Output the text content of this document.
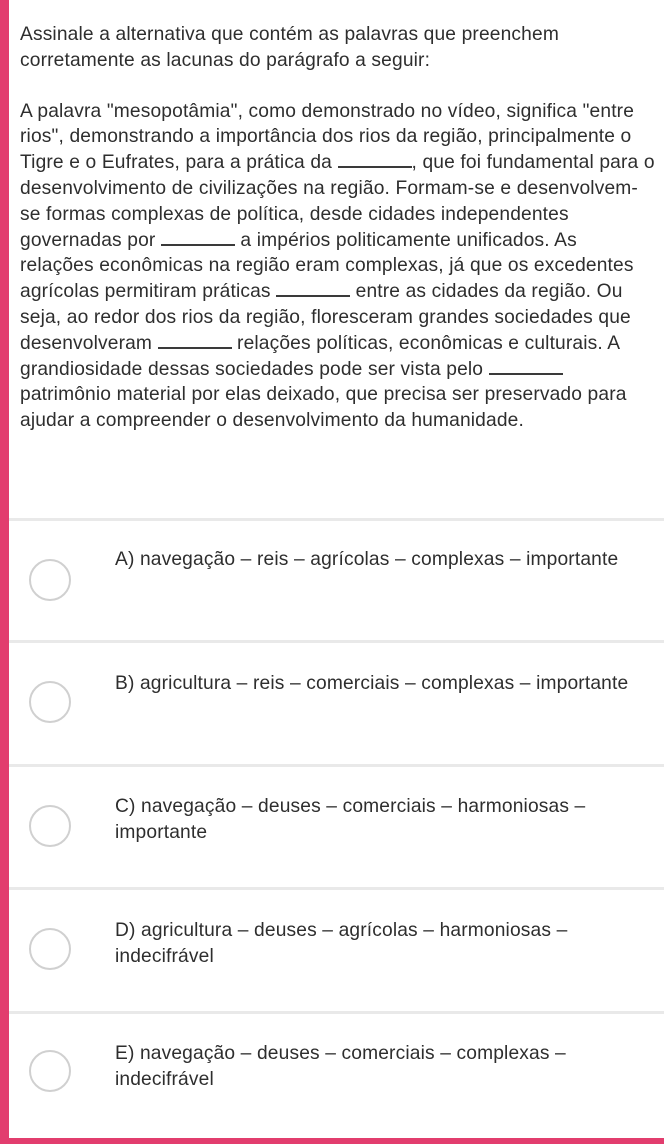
Assinale a alternativa que contém as palavras que preenchem corretamente as lacunas do parágrafo a seguir:

A palavra "mesopotâmia", como demonstrado no vídeo, significa "entre rios", demonstrando a importância dos rios da região, principalmente o Tigre e o Eufrates, para a prática da	, que foi fundamental para o desenvolvimento de civilizações na região. Formam-se e desenvolvem-se formas complexas de política, desde cidades independentes governadas por	a impérios politicamente unificados. As relações econômicas na região eram complexas, já que os excedentes agrícolas permitiram práticas	entre as cidades da região. Ou seja, ao redor dos rios da região, floresceram grandes sociedades que desenvolveram	relações políticas, econômicas e culturais. A grandiosidade dessas sociedades pode ser vista pelo  patrimônio material por elas deixado, que precisa ser preservado para ajudar a compreender o desenvolvimento da humanidade.

A) navegação – reis – agrícolas – complexas – importante
B) agricultura – reis – comerciais – complexas – importante
C) navegação – deuses – comerciais – harmoniosas – importante
D) agricultura – deuses – agrícolas – harmoniosas – indecifrável
E) navegação – deuses – comerciais – complexas – indecifrável
